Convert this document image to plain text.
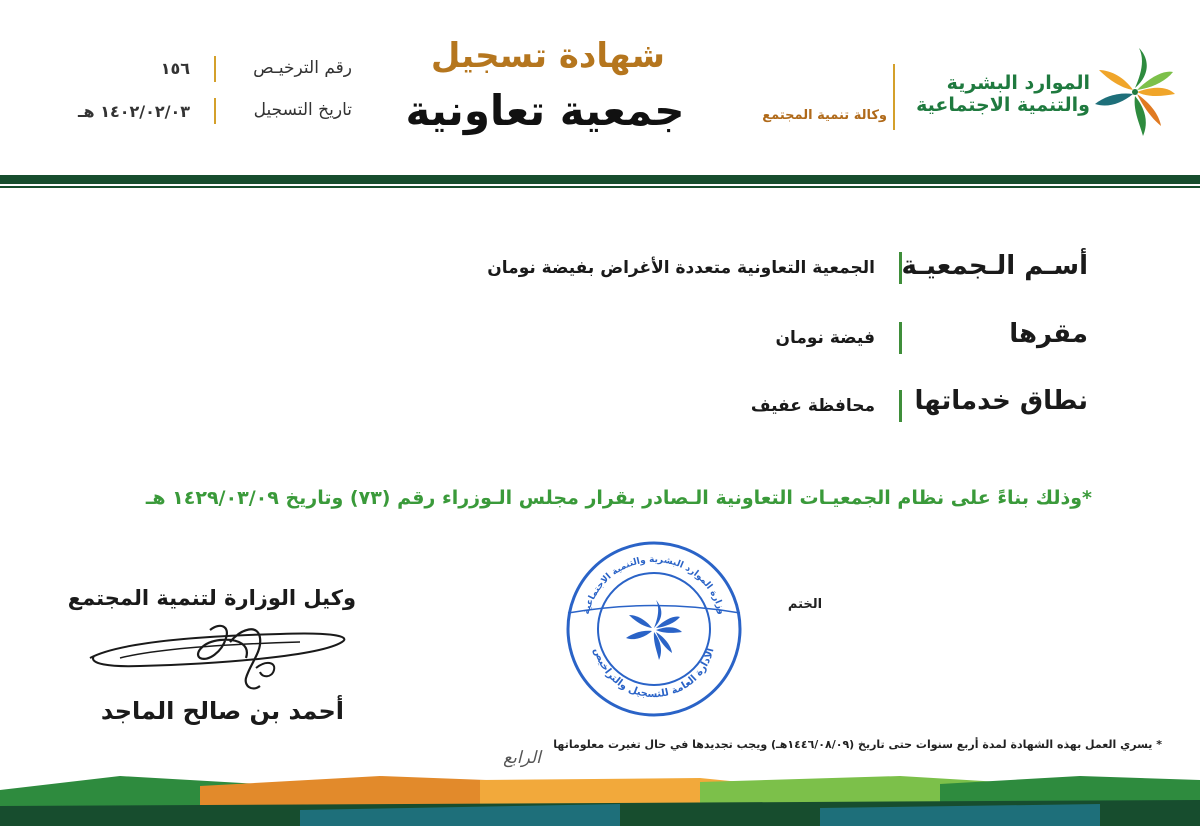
الموارد البشرية
والتنمية الاجتماعية
وكالة تنمية المجتمع
شهادة تسجيل
جمعية تعاونية
رقم الترخيـص
١٥٦
تاريخ التسجيل
١٤٠٢/٠٢/٠٣ هـ
أسـم الـجمعيـة
الجمعية التعاونية متعددة الأغراض بفيضة نومان
مقرها
فيضة نومان
نطاق خدماتها
محافظة عفيف
*وذلك بناءً على نظام الجمعيـات التعاونية الـصادر بقرار مجلس الـوزراء رقم (٧٣) وتاريخ ١٤٢٩/٠٣/٠٩ هـ
وزارة الموارد البشرية والتنمية الاجتماعية
الادارة العامة للتسجيل والتراخيص
الختم
وكيل الوزارة لتنمية المجتمع
أحمد بن صالح الماجد
* يسري العمل بهذه الشهادة لمدة أربع سنوات حتى تاريخ (١٤٤٦/٠٨/٠٩هـ) ويجب تجديدها في حال تغيرت معلوماتها
الرابع
